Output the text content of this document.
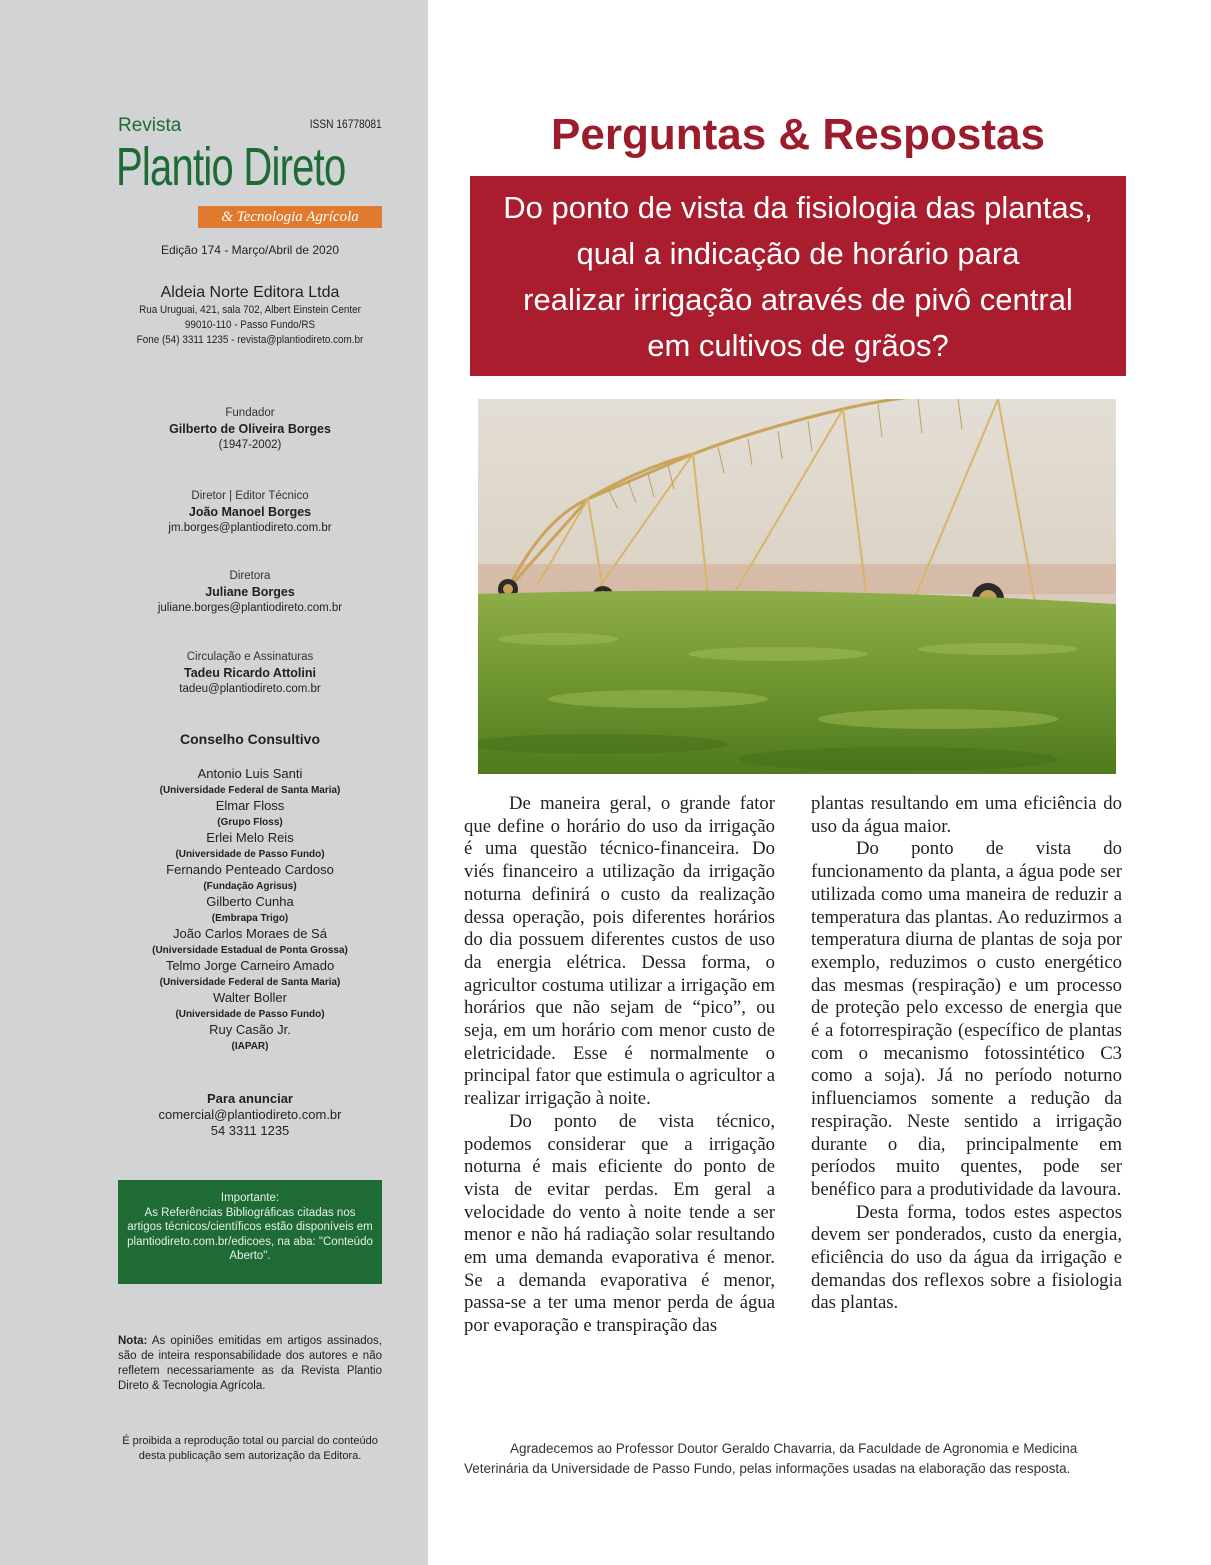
Revista	ISSN 16778081
Plantio Direto
& Tecnologia Agrícola
Edição 174 - Março/Abril de 2020
Aldeia Norte Editora Ltda
Rua Uruguai, 421, sala 702, Albert Einstein Center
99010-110 - Passo Fundo/RS
Fone (54) 3311 1235 - revista@plantiodireto.com.br
Fundador
Gilberto de Oliveira Borges
(1947-2002)
Diretor | Editor Técnico
João Manoel Borges
jm.borges@plantiodireto.com.br
Diretora
Juliane Borges
juliane.borges@plantiodireto.com.br
Circulação e Assinaturas
Tadeu Ricardo Attolini
tadeu@plantiodireto.com.br
Conselho Consultivo
Antonio Luis Santi
(Universidade Federal de Santa Maria)
Elmar Floss
(Grupo Floss)
Erlei Melo Reis
(Universidade de Passo Fundo)
Fernando Penteado Cardoso
(Fundação Agrisus)
Gilberto Cunha
(Embrapa Trigo)
João Carlos Moraes de Sá
(Universidade Estadual de Ponta Grossa)
Telmo Jorge Carneiro Amado
(Universidade Federal de Santa Maria)
Walter Boller
(Universidade de Passo Fundo)
Ruy Casão Jr.
(IAPAR)
Para anunciar
comercial@plantiodireto.com.br
54 3311 1235
Importante:
As Referências Bibliográficas citadas nos artigos técnicos/científicos estão disponíveis em plantiodireto.com.br/edicoes, na aba: "Conteúdo Aberto".
Nota: As opiniões emitidas em artigos assinados, são de inteira responsabilidade dos autores e não refletem necessariamente as da Revista Plantio Direto & Tecnologia Agrícola.
É proibida a reprodução total ou parcial do conteúdo desta publicação sem autorização da Editora.
Perguntas & Respostas
Do ponto de vista da fisiologia das plantas,
qual a indicação de horário para
realizar irrigação através de pivô central
em cultivos de grãos?

De maneira geral, o grande fator que define o horário do uso da irrigação é uma questão técnico-financeira. Do viés financeiro a utilização da irrigação noturna definirá o custo da realização dessa operação, pois diferentes horários do dia possuem diferentes custos de uso da energia elétrica. Dessa forma, o agricultor costuma utilizar a irrigação em horários que não sejam de “pico”, ou seja, em um horário com menor custo de eletricidade. Esse é normalmente o principal fator que estimula o agricultor a realizar irrigação à noite.

Do ponto de vista técnico, podemos considerar que a irrigação noturna é mais eficiente do ponto de vista de evitar perdas. Em geral a velocidade do vento à noite tende a ser menor e não há radiação solar resultando em uma demanda evaporativa é menor. Se a demanda evaporativa é menor, passa-se a ter uma menor perda de água por evaporação e transpiração das

plantas resultando em uma eficiência do uso da água maior.

Do ponto de vista do funcionamento da planta, a água pode ser utilizada como uma maneira de reduzir a temperatura das plantas. Ao reduzirmos a temperatura diurna de plantas de soja por exemplo, reduzimos o custo energético das mesmas (respiração) e um processo de proteção pelo excesso de energia que é a fotorrespiração (específico de plantas com o mecanismo fotossintético C3 como a soja). Já no período noturno influenciamos somente a redução da respiração. Neste sentido a irrigação durante o dia, principalmente em períodos muito quentes, pode ser benéfico para a produtividade da lavoura.

Desta forma, todos estes aspectos devem ser ponderados, custo da energia, eficiência do uso da água da irrigação e demandas dos reflexos sobre a fisiologia das plantas.

Agradecemos ao Professor Doutor Geraldo Chavarria, da Faculdade de Agronomia e Medicina
Veterinária da Universidade de Passo Fundo, pelas informações usadas na elaboração das resposta.
